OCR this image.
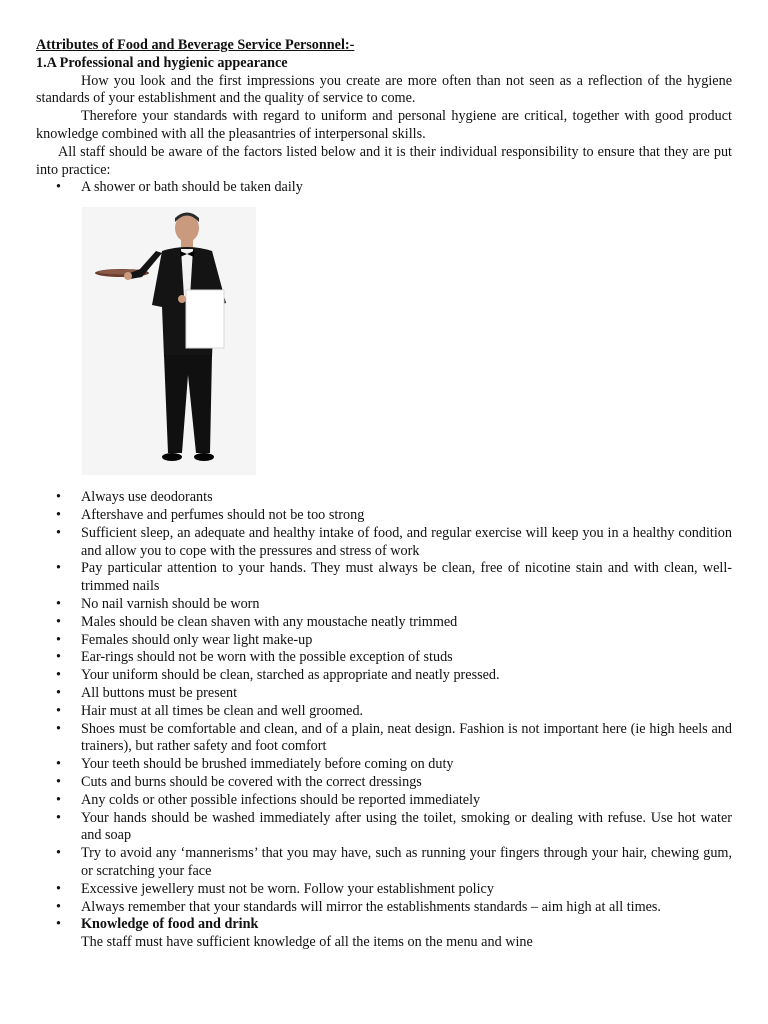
Attributes of Food and Beverage Service Personnel:-

1.A Professional and hygienic appearance

How you look and the first impressions you create are more often than not seen as a reflection of the hygiene standards of your establishment and the quality of service to come.

Therefore your standards with regard to uniform and personal hygiene are critical, together with good product knowledge combined with all the pleasantries of interpersonal skills.

All staff should be aware of the factors listed below and it is their individual responsibility to ensure that they are put into practice:

• A shower or bath should be taken daily
• Always use deodorants
• Aftershave and perfumes should not be too strong
• Sufficient sleep, an adequate and healthy intake of food, and regular exercise will keep you in a healthy condition and allow you to cope with the pressures and stress of work
• Pay particular attention to your hands. They must always be clean, free of nicotine stain and with clean, well-trimmed nails
• No nail varnish should be worn
• Males should be clean shaven with any moustache neatly trimmed
• Females should only wear light make-up
• Ear-rings should not be worn with the possible exception of studs
• Your uniform should be clean, starched as appropriate and neatly pressed.
• All buttons must be present
• Hair must at all times be clean and well groomed.
• Shoes must be comfortable and clean, and of a plain, neat design. Fashion is not important here (ie high heels and trainers), but rather safety and foot comfort
• Your teeth should be brushed immediately before coming on duty
• Cuts and burns should be covered with the correct dressings
• Any colds or other possible infections should be reported immediately
• Your hands should be washed immediately after using the toilet, smoking or dealing with refuse. Use hot water and soap
• Try to avoid any ‘mannerisms’ that you may have, such as running your fingers through your hair, chewing gum, or scratching your face
• Excessive jewellery must not be worn. Follow your establishment policy
• Always remember that your standards will mirror the establishments standards – aim high at all times.
• Knowledge of food and drink

The staff must have sufficient knowledge of all the items on the menu and wine
